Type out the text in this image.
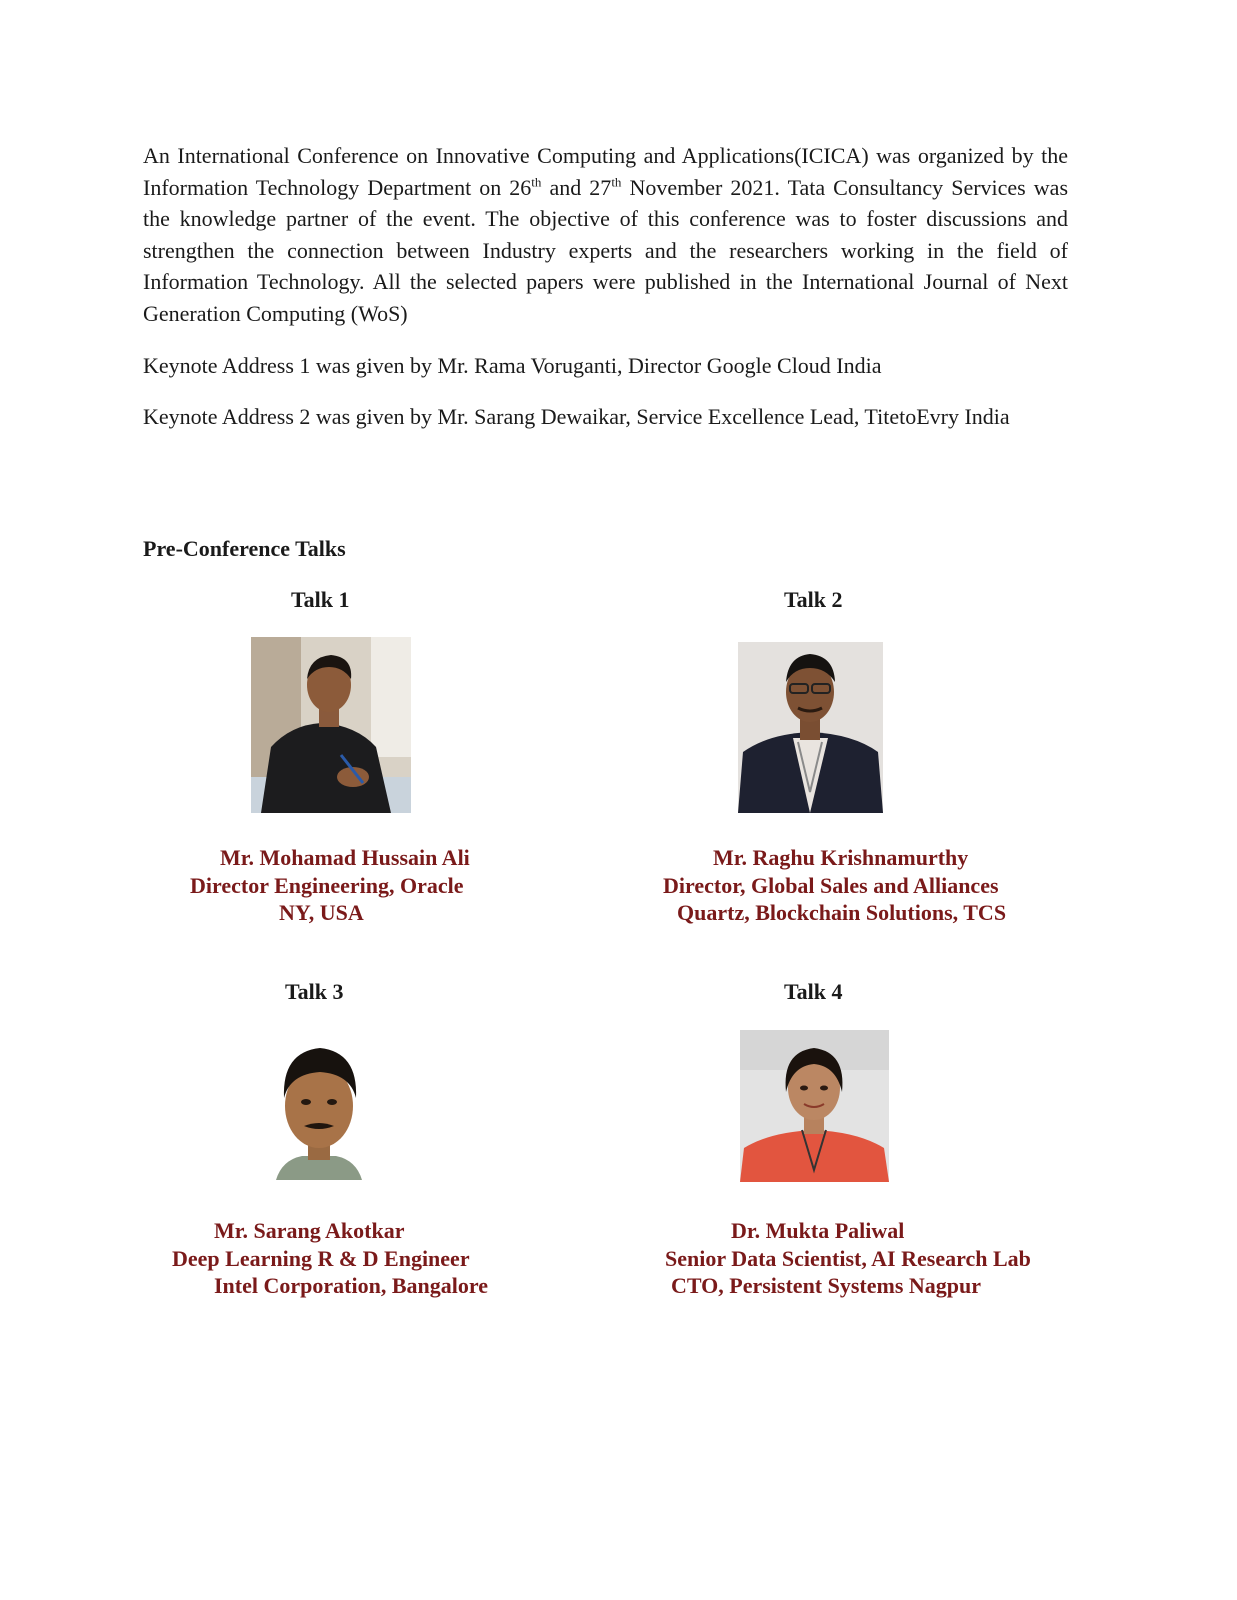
An International Conference on Innovative Computing and Applications(ICICA) was organized by the Information Technology Department on 26th and 27th November 2021. Tata Consultancy Services was the knowledge partner of the event. The objective of this conference was to foster discussions and strengthen the connection between Industry experts and the researchers working in the field of Information Technology. All the selected papers were published in the International Journal of Next Generation Computing (WoS)

Keynote Address 1 was given by Mr. Rama Voruganti, Director Google Cloud India

Keynote Address 2 was given by Mr. Sarang Dewaikar, Service Excellence Lead, TitetoEvry India

Pre-Conference Talks

Talk 1
Mr. Mohamad Hussain Ali
Director Engineering, Oracle
NY, USA
Talk 2
Mr. Raghu Krishnamurthy
Director, Global Sales and Alliances
Quartz, Blockchain Solutions, TCS
Talk 3
Mr. Sarang Akotkar
Deep Learning R & D Engineer
Intel Corporation, Bangalore
Talk 4
Dr. Mukta Paliwal
Senior Data Scientist, AI Research Lab
CTO, Persistent Systems Nagpur
